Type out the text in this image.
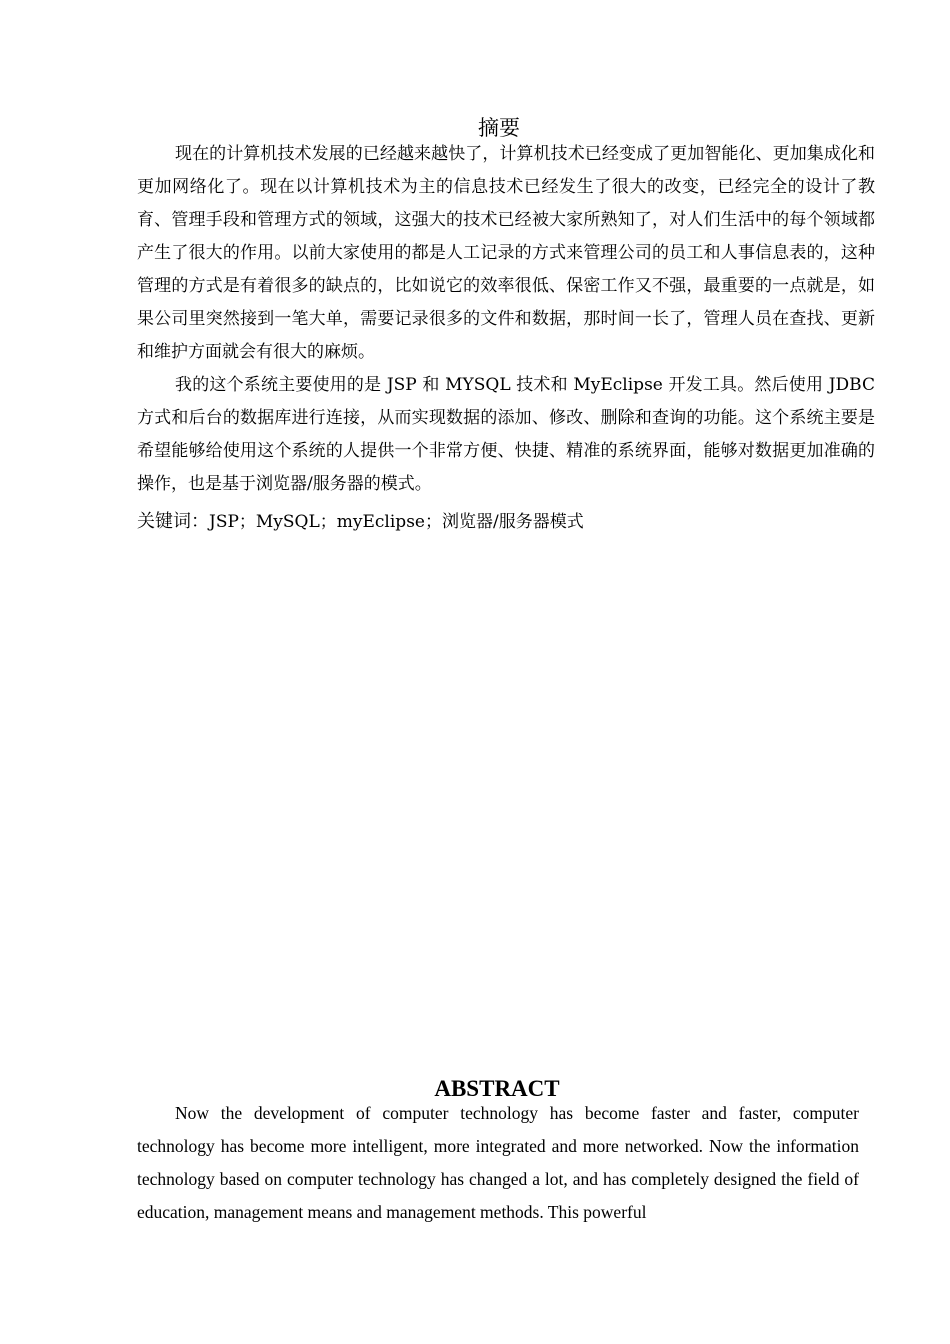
摘要

现在的计算机技术发展的已经越来越快了，计算机技术已经变成了更加智能化、更加集成化和更加网络化了。现在以计算机技术为主的信息技术已经发生了很大的改变，已经完全的设计了教育、管理手段和管理方式的领域，这强大的技术已经被大家所熟知了，对人们生活中的每个领域都产生了很大的作用。以前大家使用的都是人工记录的方式来管理公司的员工和人事信息表的，这种管理的方式是有着很多的缺点的，比如说它的效率很低、保密工作又不强，最重要的一点就是，如果公司里突然接到一笔大单，需要记录很多的文件和数据，那时间一长了，管理人员在查找、更新和维护方面就会有很大的麻烦。

我的这个系统主要使用的是 JSP 和 MYSQL 技术和 MyEclipse 开发工具。然后使用 JDBC 方式和后台的数据库进行连接，从而实现数据的添加、修改、删除和查询的功能。这个系统主要是希望能够给使用这个系统的人提供一个非常方便、快捷、精准的系统界面，能够对数据更加准确的操作，也是基于浏览器/服务器的模式。

关键词：JSP；MySQL；myEclipse；浏览器/服务器模式

ABSTRACT

Now the development of computer technology has become faster and faster, computer technology has become more intelligent, more integrated and more networked. Now the information technology based on computer technology has changed a lot, and has completely designed the field of education, management means and management methods. This powerful
